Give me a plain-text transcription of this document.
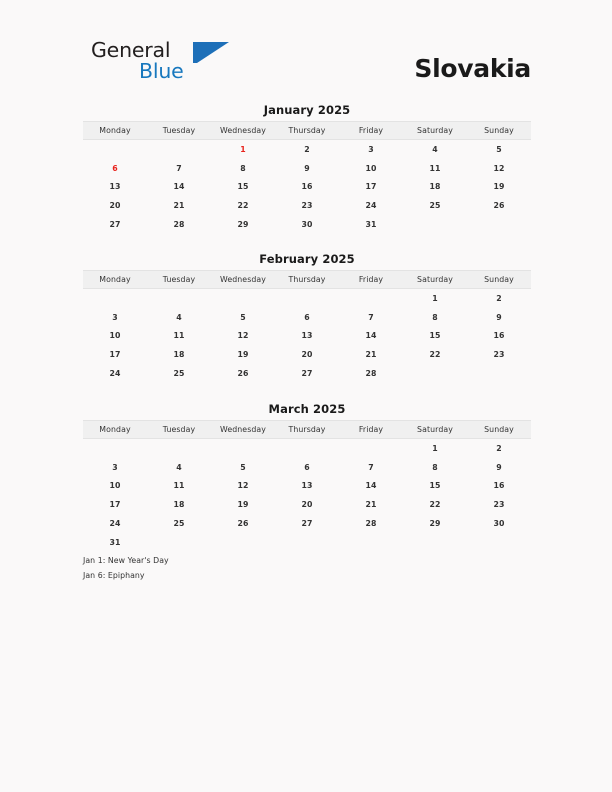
General
Blue	Slovakia
January 2025
Monday	Tuesday	Wednesday	Thursday	Friday	Saturday	Sunday
		1	2	3	4	5
6	7	8	9	10	11	12
13	14	15	16	17	18	19
20	21	22	23	24	25	26
27	28	29	30	31		
February 2025
Monday	Tuesday	Wednesday	Thursday	Friday	Saturday	Sunday
					1	2
3	4	5	6	7	8	9
10	11	12	13	14	15	16
17	18	19	20	21	22	23
24	25	26	27	28		
March 2025
Monday	Tuesday	Wednesday	Thursday	Friday	Saturday	Sunday
					1	2
3	4	5	6	7	8	9
10	11	12	13	14	15	16
17	18	19	20	21	22	23
24	25	26	27	28	29	30
31						
Jan 1: New Year's Day
Jan 6: Epiphany
